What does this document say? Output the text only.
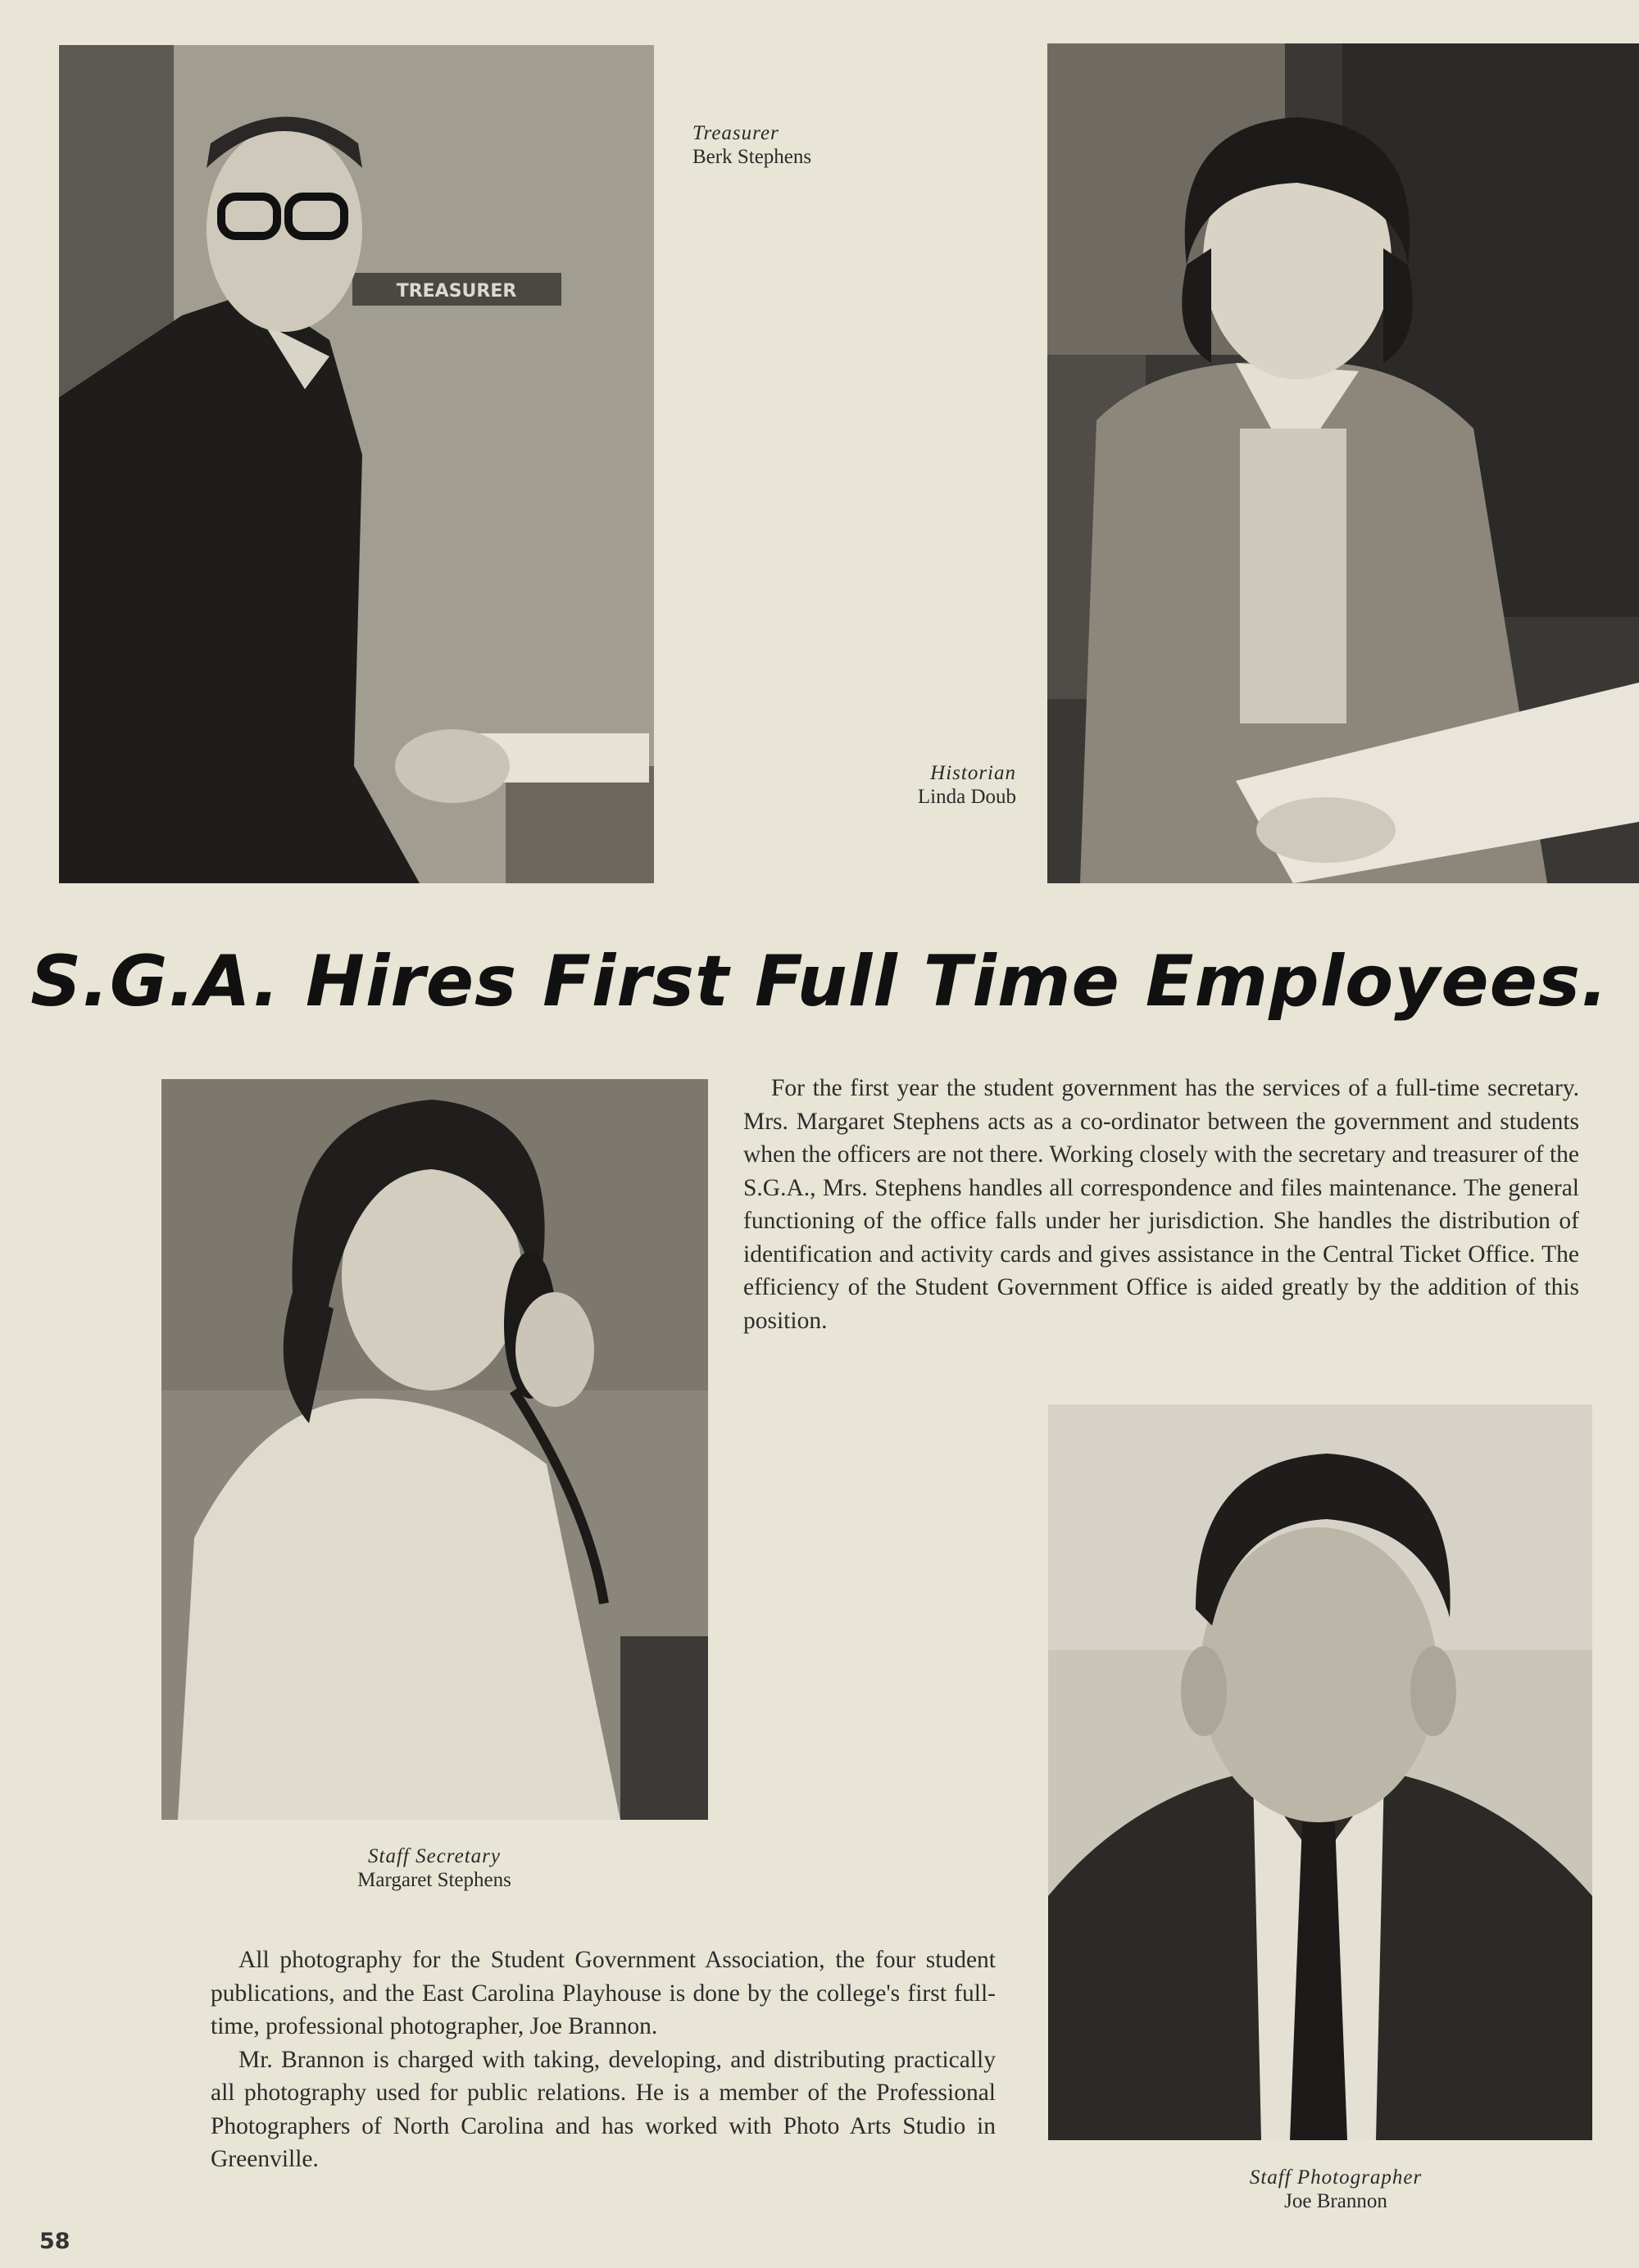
TREASURER
Treasurer
Berk Stephens
Historian
Linda Doub
S.G.A. Hires First Full Time Employees.
Staff Secretary
Margaret Stephens

For the first year the student government has the services of a full-time secretary. Mrs. Margaret Stephens acts as a co-ordinator between the government and students when the officers are not there. Working closely with the secretary and treasurer of the S.G.A., Mrs. Stephens handles all correspondence and files maintenance. The general functioning of the office falls under her jurisdiction. She handles the distribution of identification and activity cards and gives assistance in the Central Ticket Office. The efficiency of the Student Government Office is aided greatly by the addition of this position.

Staff Photographer
Joe Brannon

All photography for the Student Government Association, the four student publications, and the East Carolina Playhouse is done by the college's first full-time, professional photographer, Joe Brannon.

Mr. Brannon is charged with taking, developing, and distributing practically all photography used for public relations. He is a member of the Professional Photographers of North Carolina and has worked with Photo Arts Studio in Greenville.

58
